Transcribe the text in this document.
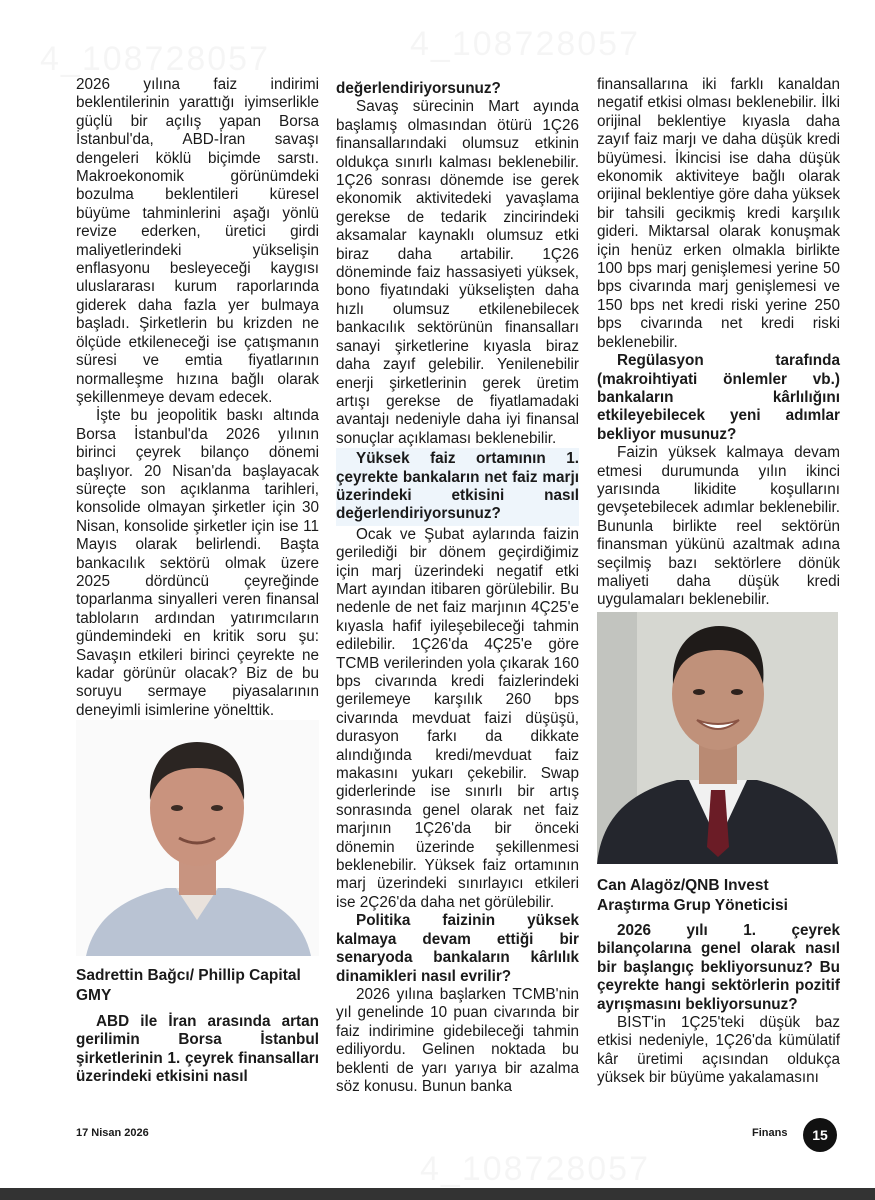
2026 yılına faiz indirimi beklentilerinin yarattığı iyimserlikle güçlü bir açılış yapan Borsa İstanbul'da, ABD-İran savaşı dengeleri köklü biçimde sarstı. Makroekonomik görünümdeki bozulma beklentileri küresel büyüme tahminlerini aşağı yönlü revize ederken, üretici girdi maliyetlerindeki yükselişin enflasyonu besleyeceği kaygısı uluslararası kurum raporlarında giderek daha fazla yer bulmaya başladı. Şirketlerin bu krizden ne ölçüde etkileneceği ise çatışmanın süresi ve emtia fiyatlarının normalleşme hızına bağlı olarak şekillenmeye devam edecek.

İşte bu jeopolitik baskı altında Borsa İstanbul'da 2026 yılının birinci çeyrek bilanço dönemi başlıyor. 20 Nisan'da başlayacak süreçte son açıklanma tarihleri, konsolide olmayan şirketler için 30 Nisan, konsolide şirketler için ise 11 Mayıs olarak belirlendi. Başta bankacılık sektörü olmak üzere 2025 dördüncü çeyreğinde toparlanma sinyalleri veren finansal tabloların ardından yatırımcıların gündemindeki en kritik soru şu: Savaşın etkileri birinci çeyrekte ne kadar görünür olacak? Biz de bu soruyu sermaye piyasalarının deneyimli isimlerine yönelttik.

Sadrettin Bağcı/ Phillip Capital GMY

ABD ile İran arasında artan gerilimin Borsa İstanbul şirketlerinin 1. çeyrek finansalları üzerindeki etkisini nasıl

değerlendiriyorsunuz?

Savaş sürecinin Mart ayında başlamış olmasından ötürü 1Ç26 finansallarındaki olumsuz etkinin oldukça sınırlı kalması beklenebilir. 1Ç26 sonrası dönemde ise gerek ekonomik aktivitedeki yavaşlama gerekse de tedarik zincirindeki aksamalar kaynaklı olumsuz etki biraz daha artabilir. 1Ç26 döneminde faiz hassasiyeti yüksek, bono fiyatındaki yükselişten daha hızlı olumsuz etkilenebilecek bankacılık sektörünün finansalları sanayi şirketlerine kıyasla biraz daha zayıf gelebilir. Yenilenebilir enerji şirketlerinin gerek üretim artışı gerekse de fiyatlamadaki avantajı nedeniyle daha iyi finansal sonuçlar açıklaması beklenebilir.

Yüksek faiz ortamının 1. çeyrekte bankaların net faiz marjı üzerindeki etkisini nasıl değerlendiriyorsunuz?

Ocak ve Şubat aylarında faizin gerilediği bir dönem geçirdiğimiz için marj üzerindeki negatif etki Mart ayından itibaren görülebilir. Bu nedenle de net faiz marjının 4Ç25'e kıyasla hafif iyileşebileceği tahmin edilebilir. 1Ç26'da 4Ç25'e göre TCMB verilerinden yola çıkarak 160 bps civarında kredi faizlerindeki gerilemeye karşılık 260 bps civarında mevduat faizi düşüşü, durasyon farkı da dikkate alındığında kredi/mevduat faiz makasını yukarı çekebilir. Swap giderlerinde ise sınırlı bir artış sonrasında genel olarak net faiz marjının 1Ç26'da bir önceki dönemin üzerinde şekillenmesi beklenebilir. Yüksek faiz ortamının marj üzerindeki sınırlayıcı etkileri ise 2Ç26'da daha net görülebilir.

Politika faizinin yüksek kalmaya devam ettiği bir senaryoda bankaların kârlılık dinamikleri nasıl evrilir?

2026 yılına başlarken TCMB'nin yıl genelinde 10 puan civarında bir faiz indirimine gidebileceği tahmin ediliyordu. Gelinen noktada bu beklenti de yarı yarıya bir azalma söz konusu. Bunun banka

finansallarına iki farklı kanaldan negatif etkisi olması beklenebilir. İlki orijinal beklentiye kıyasla daha zayıf faiz marjı ve daha düşük kredi büyümesi. İkincisi ise daha düşük ekonomik aktiviteye bağlı olarak orijinal beklentiye göre daha yüksek bir tahsili gecikmiş kredi karşılık gideri. Miktarsal olarak konuşmak için henüz erken olmakla birlikte 100 bps marj genişlemesi yerine 50 bps civarında marj genişlemesi ve 150 bps net kredi riski yerine 250 bps civarında net kredi riski beklenebilir.

Regülasyon tarafında (makroihtiyati önlemler vb.) bankaların kârlılığını etkileyebilecek yeni adımlar bekliyor musunuz?

Faizin yüksek kalmaya devam etmesi durumunda yılın ikinci yarısında likidite koşullarını gevşetebilecek adımlar beklenebilir. Bununla birlikte reel sektörün finansman yükünü azaltmak adına seçilmiş bazı sektörlere dönük maliyeti daha düşük kredi uygulamaları beklenebilir.

Can Alagöz/QNB Invest Araştırma Grup Yöneticisi

2026 yılı 1. çeyrek bilançolarına genel olarak nasıl bir başlangıç bekliyorsunuz? Bu çeyrekte hangi sektörlerin pozitif ayrışmasını bekliyorsunuz?

BIST'in 1Ç25'teki düşük baz etkisi nedeniyle, 1Ç26'da kümülatif kâr üretimi açısından oldukça yüksek bir büyüme yakalamasını

17 Nisan 2026	Finans	15
